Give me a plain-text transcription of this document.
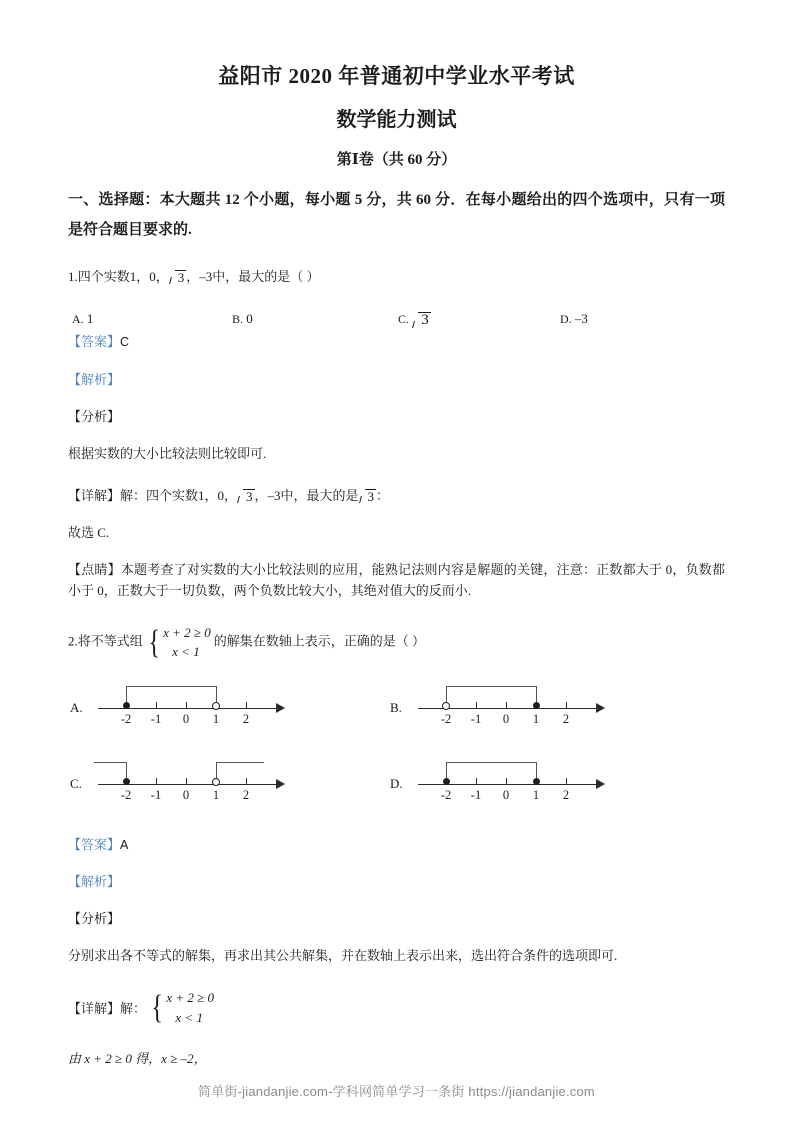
益阳市 2020 年普通初中学业水平考试
数学能力测试
第Ⅰ卷（共 60 分）

一、选择题：本大题共 12 个小题，每小题 5 分，共 60 分．在每小题给出的四个选项中，只有一项是符合题目要求的.

1.四个实数1，0， 3 ，–3中，最大的是（ ）
A. 1	B. 0	C. 3	D. –3

【答案】C

【解析】

【分析】

根据实数的大小比较法则比较即可.

【详解】解：四个实数1，0， 3 ，–3中，最大的是 3 ：

故选 C.

【点睛】本题考查了对实数的大小比较法则的应用，能熟记法则内容是解题的关键，注意：正数都大于 0，负数都小于 0，正数大于一切负数，两个负数比较大小，其绝对值大的反而小.

2.将不等式组 { x + 2 ≥ 0
x < 1
的解集在数轴上表示，正确的是（ ）
A.
-2 -1 0 1 2
B.
-2 -1 0 1 2
C.
-2 -1 0 1 2
D.
-2 -1 0 1 2

【答案】A

【解析】

【分析】

分别求出各不等式的解集，再求出其公共解集，并在数轴上表示出来，选出符合条件的选项即可.

【详解】 解： { x + 2 ≥ 0
x < 1

由 x + 2 ≥ 0 得，x ≥ –2，

简单街-jiandanjie.com-学科网简单学习一条街 https://jiandanjie.com
